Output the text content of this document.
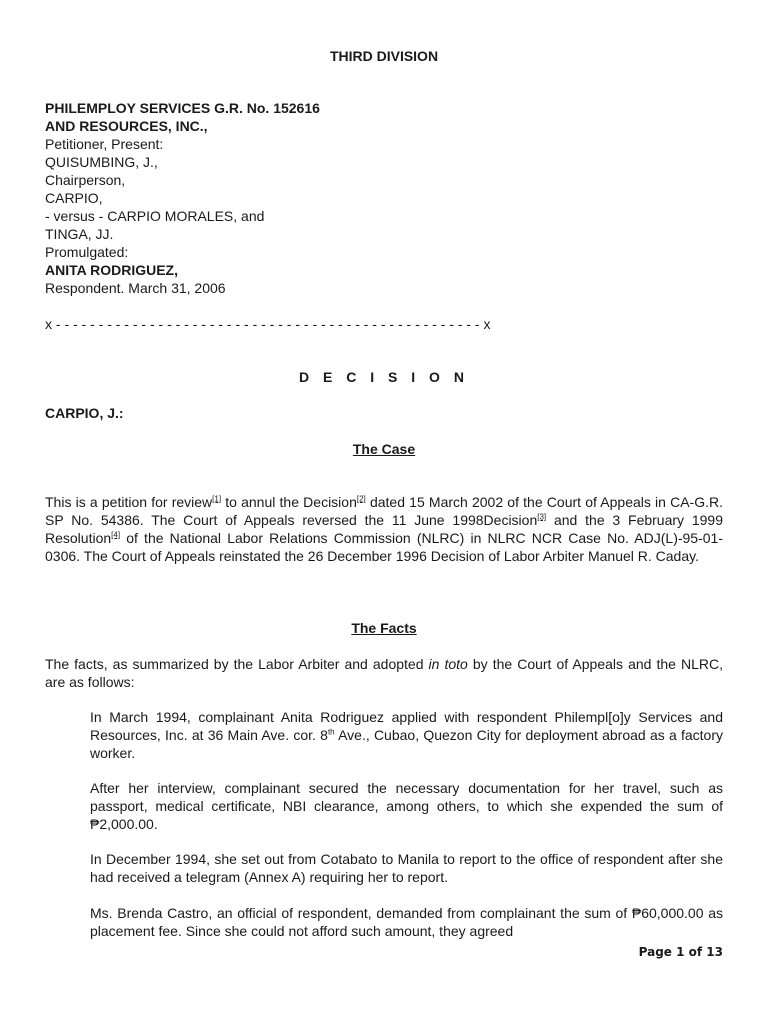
THIRD DIVISION
PHILEMPLOY SERVICES G.R. No. 152616
AND RESOURCES, INC.,
Petitioner, Present:
QUISUMBING, J.,
Chairperson,
CARPIO,
- versus - CARPIO MORALES, and
TINGA, JJ.
Promulgated:
ANITA RODRIGUEZ,
Respondent. March 31, 2006
x - - - - - - - - - - - - - - - - - - - - - - - - - - - - - - - - - - - - - - - - - - - - - - - - - - x
D E C I S I O N
CARPIO, J.:
The Case
This is a petition for review[1] to annul the Decision[2] dated 15 March 2002 of the Court of Appeals in CA-G.R. SP No. 54386. The Court of Appeals reversed the 11 June 1998Decision[3] and the 3 February 1999 Resolution[4] of the National Labor Relations Commission (NLRC) in NLRC NCR Case No. ADJ(L)-95-01-0306. The Court of Appeals reinstated the 26 December 1996 Decision of Labor Arbiter Manuel R. Caday.
The Facts
The facts, as summarized by the Labor Arbiter and adopted in toto by the Court of Appeals and the NLRC, are as follows:
In March 1994, complainant Anita Rodriguez applied with respondent Philempl[o]y Services and Resources, Inc. at 36 Main Ave. cor. 8th Ave., Cubao, Quezon City for deployment abroad as a factory worker.
After her interview, complainant secured the necessary documentation for her travel, such as passport, medical certificate, NBI clearance, among others, to which she expended the sum of ₱2,000.00.
In December 1994, she set out from Cotabato to Manila to report to the office of respondent after she had received a telegram (Annex A) requiring her to report.
Ms. Brenda Castro, an official of respondent, demanded from complainant the sum of ₱60,000.00 as placement fee. Since she could not afford such amount, they agreed
Page 1 of 13
